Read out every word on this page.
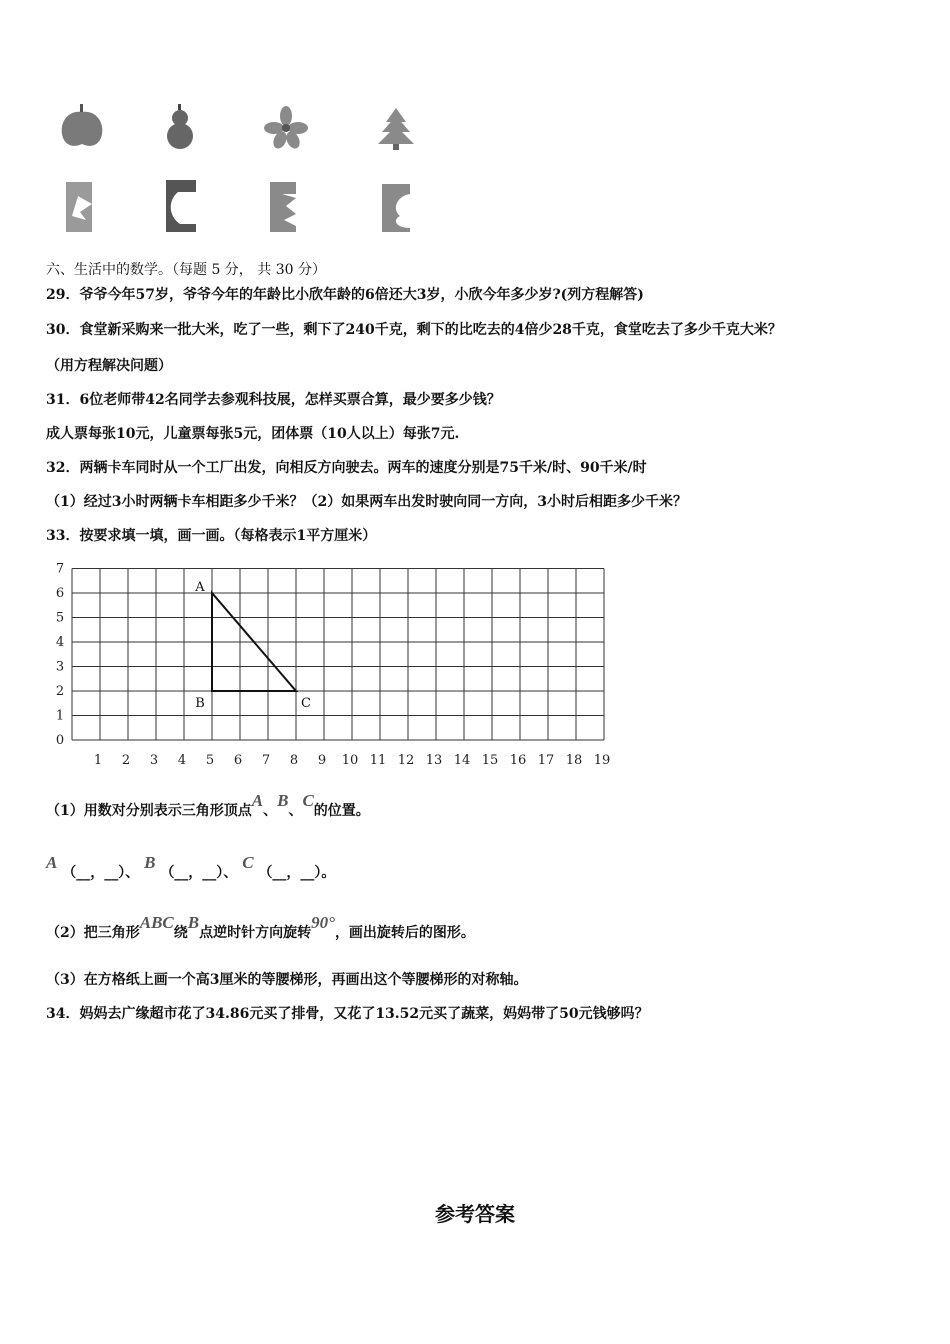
六、生活中的数学。（每题 5 分， 共 30 分）
29．爷爷今年57岁，爷爷今年的年龄比小欣年龄的6倍还大3岁，小欣今年多少岁?(列方程解答)
30．食堂新采购来一批大米，吃了一些，剩下了240千克，剩下的比吃去的4倍少28千克，食堂吃去了多少千克大米？
（用方程解决问题）
31．6位老师带42名同学去参观科技展，怎样买票合算，最少要多少钱？
成人票每张10元，儿童票每张5元，团体票（10人以上）每张7元.
32．两辆卡车同时从一个工厂出发，向相反方向驶去。两车的速度分别是75千米/时、90千米/时
（1）经过3小时两辆卡车相距多少千米？（2）如果两车出发时驶向同一方向，3小时后相距多少千米？
33．按要求填一填，画一画。（每格表示1平方厘米）
0
1
2
3
4
5
6
7
1 2 3 4 5 6 7 8 9 10 11 12 13 14 15 16 17 18 19
A
B	C
（1）用数对分别表示三角形顶点A、B、C的位置。
A （__，__）、 B （__，__）、 C （__，__）。
（2）把三角形ABC绕B点逆时针方向旋转90°，画出旋转后的图形。
（3）在方格纸上画一个高3厘米的等腰梯形，再画出这个等腰梯形的对称轴。
34．妈妈去广缘超市花了34.86元买了排骨，又花了13.52元买了蔬菜，妈妈带了50元钱够吗？
参考答案
